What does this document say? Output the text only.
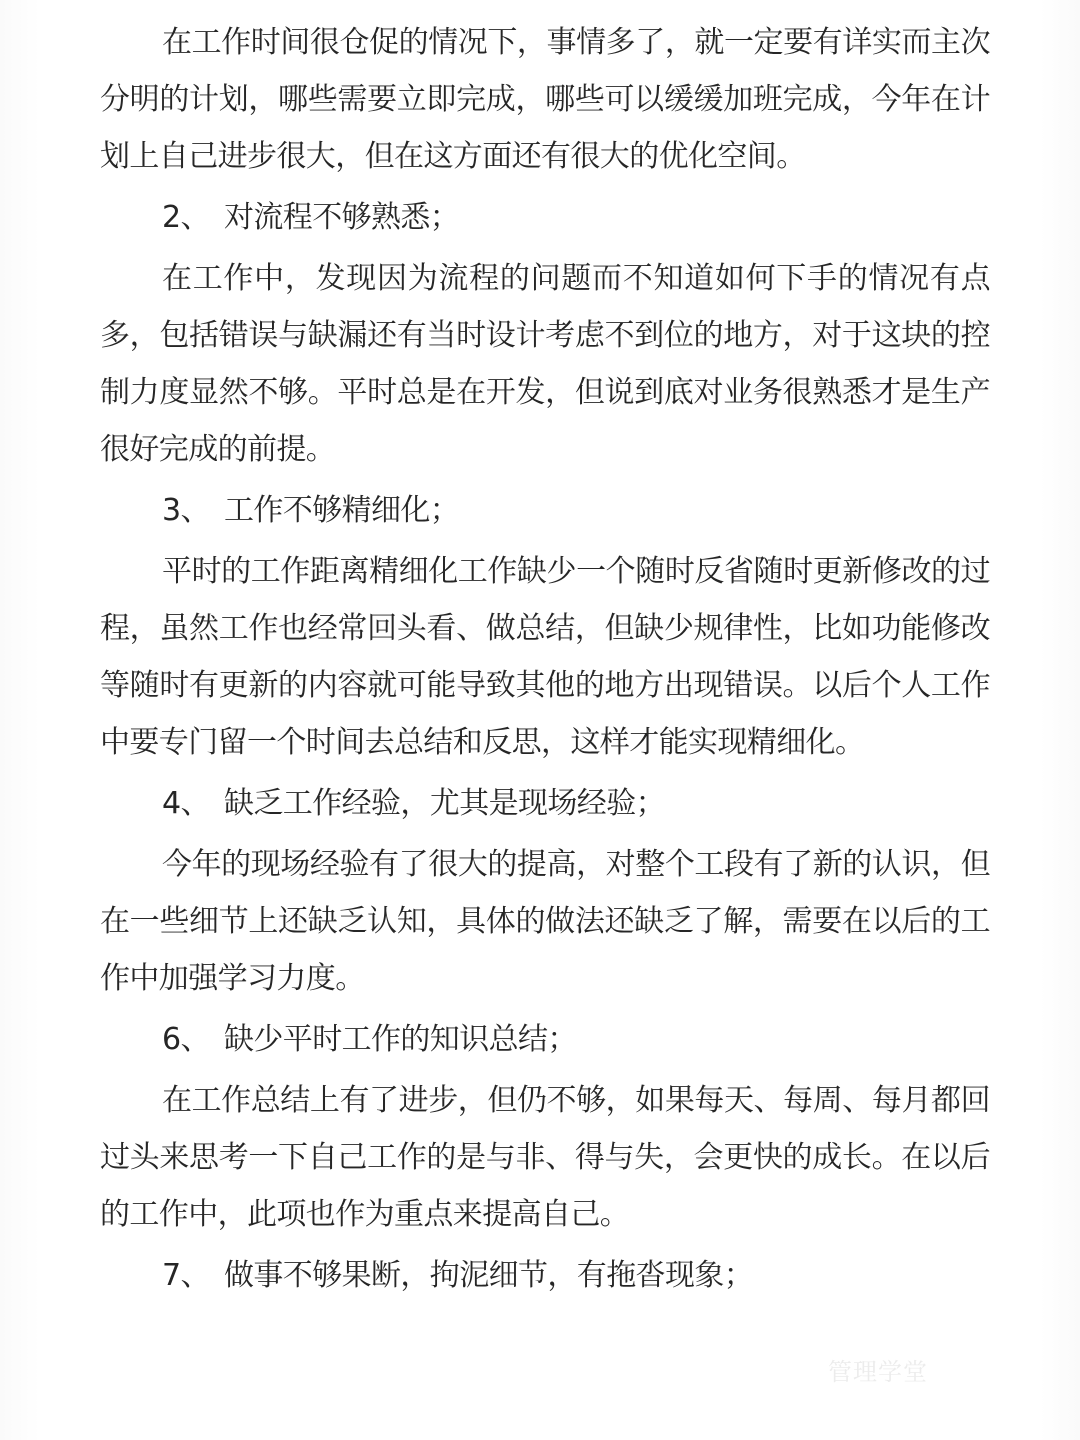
在工作时间很仓促的情况下，事情多了，就一定要有详实而主次分明的计划，哪些需要立即完成，哪些可以缓缓加班完成，今年在计划上自己进步很大，但在这方面还有很大的优化空间。

2、 对流程不够熟悉；

在工作中，发现因为流程的问题而不知道如何下手的情况有点多，包括错误与缺漏还有当时设计考虑不到位的地方，对于这块的控制力度显然不够。平时总是在开发，但说到底对业务很熟悉才是生产很好完成的前提。

3、 工作不够精细化；

平时的工作距离精细化工作缺少一个随时反省随时更新修改的过程，虽然工作也经常回头看、做总结，但缺少规律性，比如功能修改等随时有更新的内容就可能导致其他的地方出现错误。以后个人工作中要专门留一个时间去总结和反思，这样才能实现精细化。

4、 缺乏工作经验，尤其是现场经验；

今年的现场经验有了很大的提高，对整个工段有了新的认识，但在一些细节上还缺乏认知，具体的做法还缺乏了解，需要在以后的工作中加强学习力度。

6、 缺少平时工作的知识总结；

在工作总结上有了进步，但仍不够，如果每天、每周、每月都回过头来思考一下自己工作的是与非、得与失，会更快的成长。在以后的工作中，此项也作为重点来提高自己。

7、 做事不够果断，拘泥细节，有拖沓现象；
管理学堂
